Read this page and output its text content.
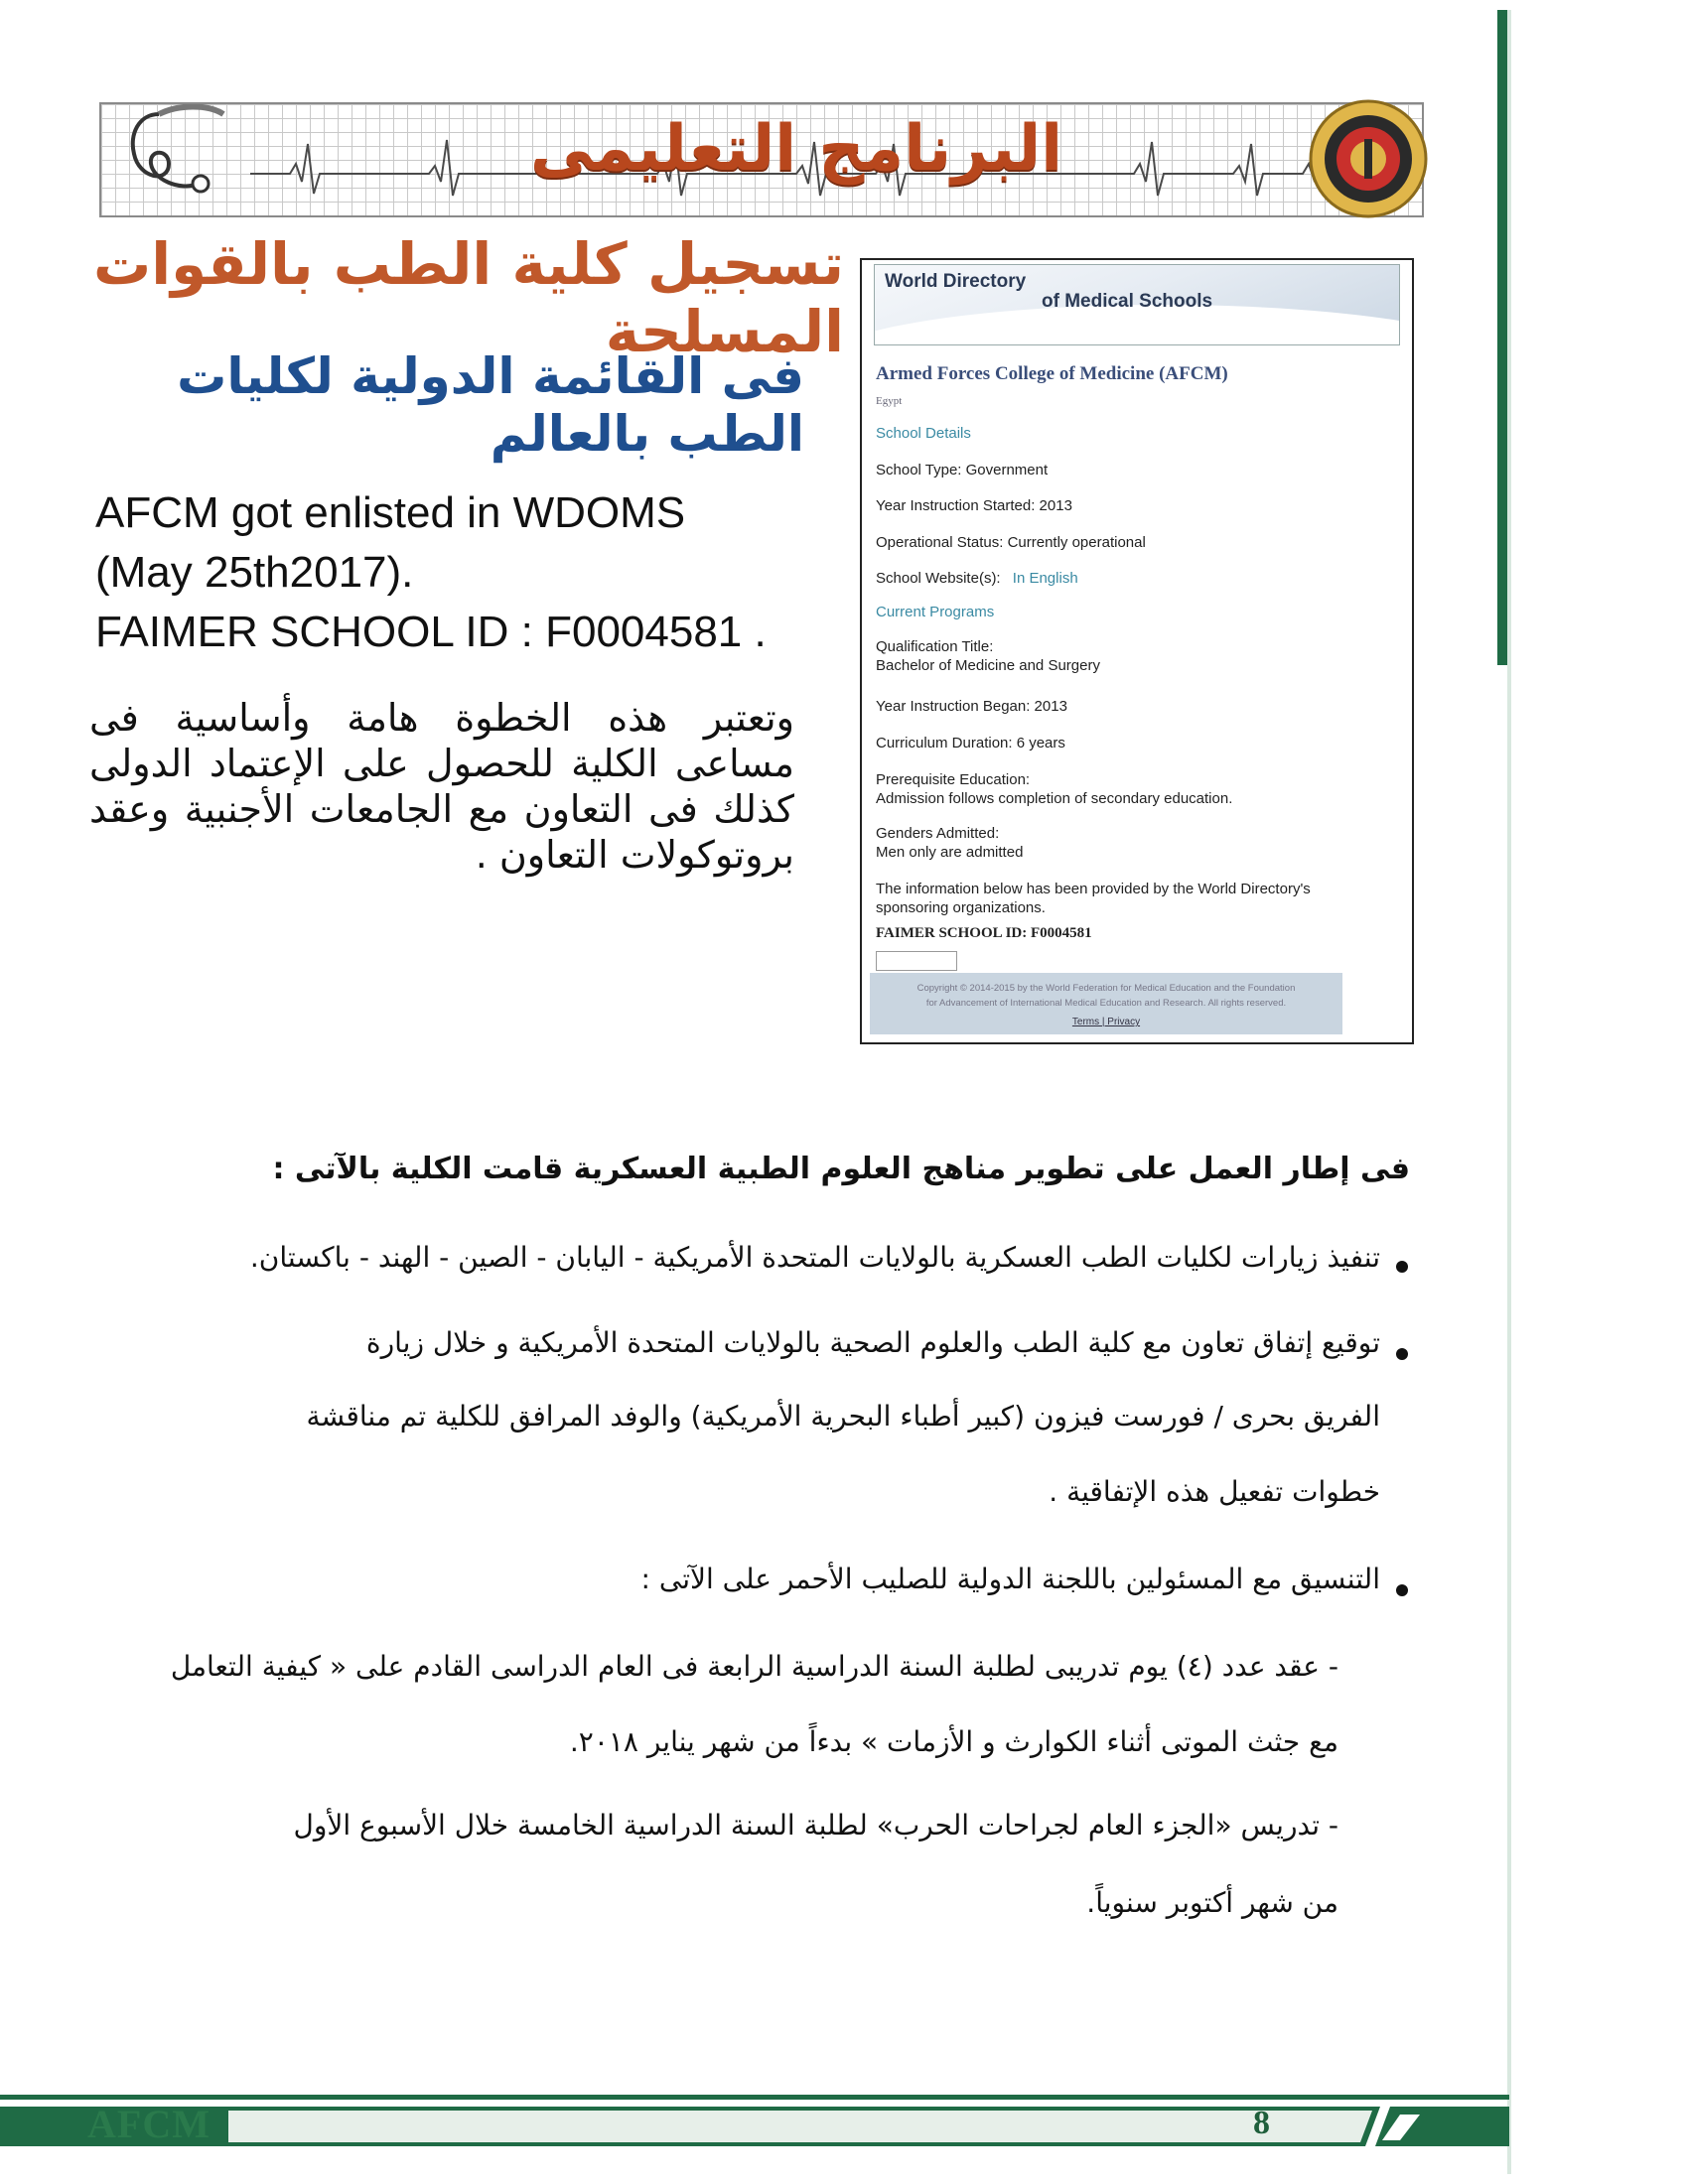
البرنامج التعليمى
تسجيل كلية الطب بالقوات المسلحة
فى القائمة الدولية لكليات الطب بالعالم
AFCM got enlisted in WDOMS
(May 25th2017).
FAIMER SCHOOL ID : F0004581 .
وتعتبر هذه الخطوة هامة وأساسية فى مساعى الكلية للحصول على الإعتماد الدولى كذلك فى التعاون مع الجامعات الأجنبية وعقد بروتوكولات التعاون .
World Directory
of Medical Schools
Armed Forces College of Medicine (AFCM)
Egypt
School Details
School Type: Government
Year Instruction Started: 2013
Operational Status: Currently operational
School Website(s): In English
Current Programs
Qualification Title:
Bachelor of Medicine and Surgery
Year Instruction Began: 2013
Curriculum Duration: 6 years
Prerequisite Education:
Admission follows completion of secondary education.
Genders Admitted:
Men only are admitted
The information below has been provided by the World Directory's
sponsoring organizations.
FAIMER SCHOOL ID: F0004581
Copyright © 2014-2015 by the World Federation for Medical Education and the Foundation
for Advancement of International Medical Education and Research. All rights reserved.
Terms | Privacy
فى إطار العمل على تطوير مناهج العلوم الطبية العسكرية قامت الكلية بالآتى :
تنفيذ زيارات لكليات الطب العسكرية بالولايات المتحدة الأمريكية - اليابان - الصين - الهند - باكستان.
توقيع إتفاق تعاون مع كلية الطب والعلوم الصحية بالولايات المتحدة الأمريكية و خلال زيارة
الفريق بحرى / فورست فيزون (كبير أطباء البحرية الأمريكية) والوفد المرافق للكلية تم مناقشة
خطوات تفعيل هذه الإتفاقية .
التنسيق مع المسئولين باللجنة الدولية للصليب الأحمر على الآتى :
- عقد عدد (٤) يوم تدريبى لطلبة السنة الدراسية الرابعة فى العام الدراسى القادم على « كيفية التعامل
مع جثث الموتى أثناء الكوارث و الأزمات » بدءاً من شهر يناير ٢٠١٨.
- تدريس «الجزء العام لجراحات الحرب» لطلبة السنة الدراسية الخامسة خلال الأسبوع الأول
من شهر أكتوبر سنوياً.
AFCM	8
